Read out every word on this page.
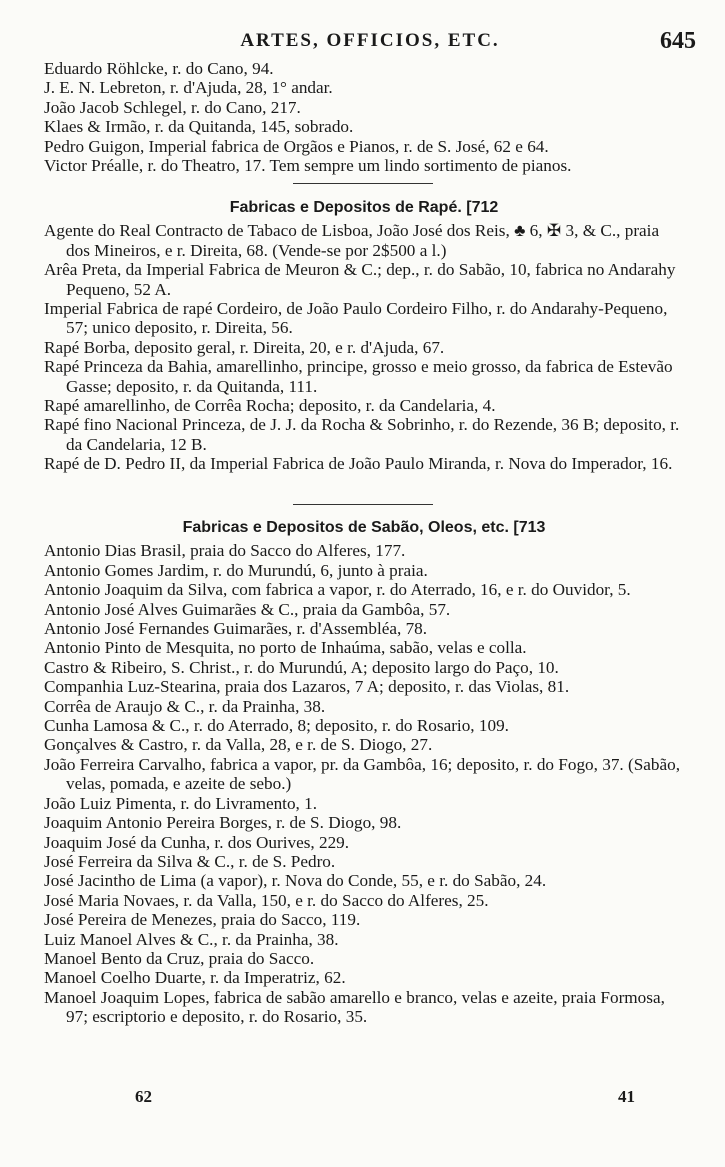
ARTES, OFFICIOS, ETC.	645

Eduardo Röhlcke, r. do Cano, 94.

J. E. N. Lebreton, r. d'Ajuda, 28, 1° andar.

João Jacob Schlegel, r. do Cano, 217.

Klaes & Irmão, r. da Quitanda, 145, sobrado.

Pedro Guigon, Imperial fabrica de Orgãos e Pianos, r. de S. José, 62 e 64.

Victor Préalle, r. do Theatro, 17. Tem sempre um lindo sortimento de pianos.

Fabricas e Depositos de Rapé. [712

Agente do Real Contracto de Tabaco de Lisboa, João José dos Reis, ♣ 6, ✠ 3, & C., praia dos Mineiros, e r. Direita, 68. (Vende-se por 2$500 a l.)

Arêa Preta, da Imperial Fabrica de Meuron & C.; dep., r. do Sabão, 10, fabrica no Andarahy Pequeno, 52 A.

Imperial Fabrica de rapé Cordeiro, de João Paulo Cordeiro Filho, r. do Andarahy-Pequeno, 57; unico deposito, r. Direita, 56.

Rapé Borba, deposito geral, r. Direita, 20, e r. d'Ajuda, 67.

Rapé Princeza da Bahia, amarellinho, principe, grosso e meio grosso, da fabrica de Estevão Gasse; deposito, r. da Quitanda, 111.

Rapé amarellinho, de Corrêa Rocha; deposito, r. da Candelaria, 4.

Rapé fino Nacional Princeza, de J. J. da Rocha & Sobrinho, r. do Rezende, 36 B; deposito, r. da Candelaria, 12 B.

Rapé de D. Pedro II, da Imperial Fabrica de João Paulo Miranda, r. Nova do Imperador, 16.

Fabricas e Depositos de Sabão, Oleos, etc. [713

Antonio Dias Brasil, praia do Sacco do Alferes, 177.

Antonio Gomes Jardim, r. do Murundú, 6, junto à praia.

Antonio Joaquim da Silva, com fabrica a vapor, r. do Aterrado, 16, e r. do Ouvidor, 5.

Antonio José Alves Guimarães & C., praia da Gambôa, 57.

Antonio José Fernandes Guimarães, r. d'Assembléa, 78.

Antonio Pinto de Mesquita, no porto de Inhaúma, sabão, velas e colla.

Castro & Ribeiro, S. Christ., r. do Murundú, A; deposito largo do Paço, 10.

Companhia Luz-Stearina, praia dos Lazaros, 7 A; deposito, r. das Violas, 81.

Corrêa de Araujo & C., r. da Prainha, 38.

Cunha Lamosa & C., r. do Aterrado, 8; deposito, r. do Rosario, 109.

Gonçalves & Castro, r. da Valla, 28, e r. de S. Diogo, 27.

João Ferreira Carvalho, fabrica a vapor, pr. da Gambôa, 16; deposito, r. do Fogo, 37. (Sabão, velas, pomada, e azeite de sebo.)

João Luiz Pimenta, r. do Livramento, 1.

Joaquim Antonio Pereira Borges, r. de S. Diogo, 98.

Joaquim José da Cunha, r. dos Ourives, 229.

José Ferreira da Silva & C., r. de S. Pedro.

José Jacintho de Lima (a vapor), r. Nova do Conde, 55, e r. do Sabão, 24.

José Maria Novaes, r. da Valla, 150, e r. do Sacco do Alferes, 25.

José Pereira de Menezes, praia do Sacco, 119.

Luiz Manoel Alves & C., r. da Prainha, 38.

Manoel Bento da Cruz, praia do Sacco.

Manoel Coelho Duarte, r. da Imperatriz, 62.

Manoel Joaquim Lopes, fabrica de sabão amarello e branco, velas e azeite, praia Formosa, 97; escriptorio e deposito, r. do Rosario, 35.

62	41
